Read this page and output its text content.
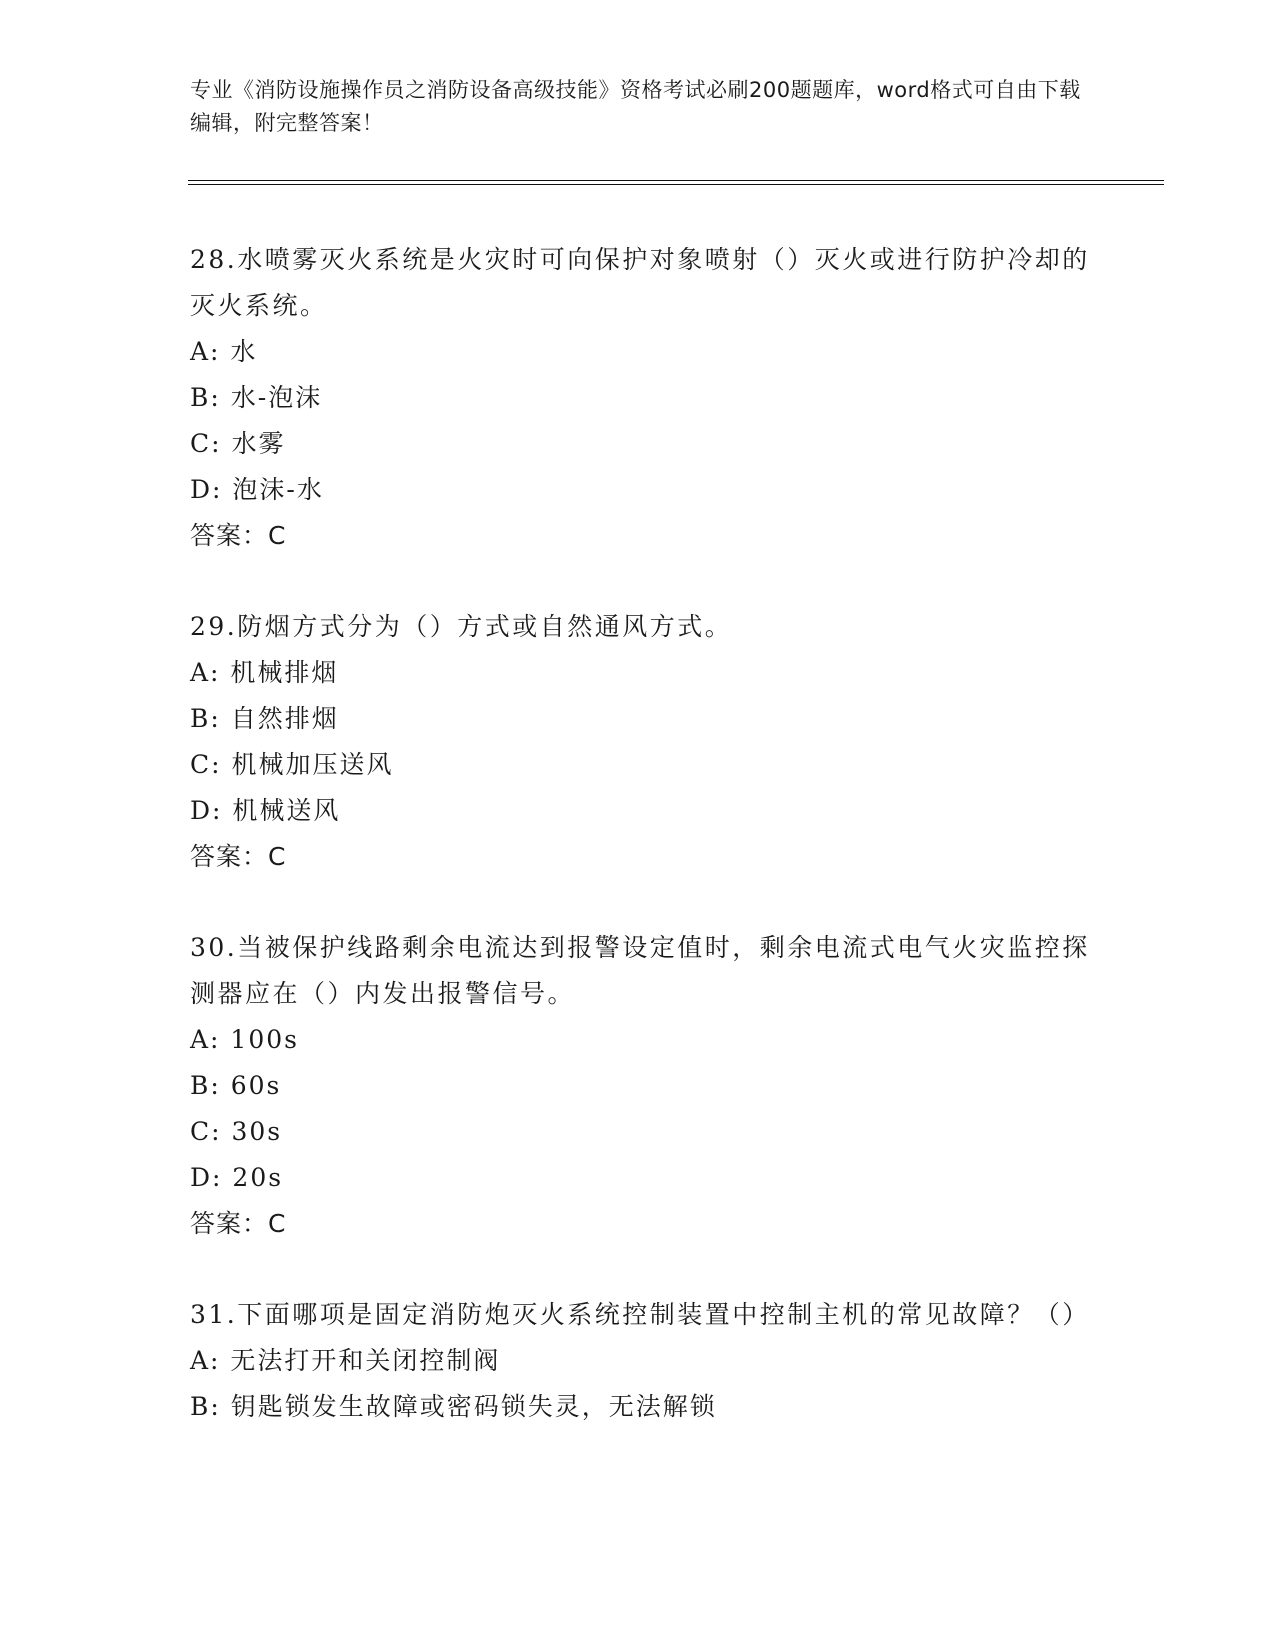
专业《消防设施操作员之消防设备高级技能》资格考试必刷200题题库，word格式可自由下载编辑，附完整答案！
28.水喷雾灭火系统是火灾时可向保护对象喷射（）灭火或进行防护冷却的灭火系统。
A: 水
B: 水-泡沫
C: 水雾
D: 泡沫-水
答案：C
29.防烟方式分为（）方式或自然通风方式。
A: 机械排烟
B: 自然排烟
C: 机械加压送风
D: 机械送风
答案：C
30.当被保护线路剩余电流达到报警设定值时，剩余电流式电气火灾监控探测器应在（）内发出报警信号。
A: 100s
B: 60s
C: 30s
D: 20s
答案：C
31.下面哪项是固定消防炮灭火系统控制装置中控制主机的常见故障？（）
A: 无法打开和关闭控制阀
B: 钥匙锁发生故障或密码锁失灵，无法解锁
